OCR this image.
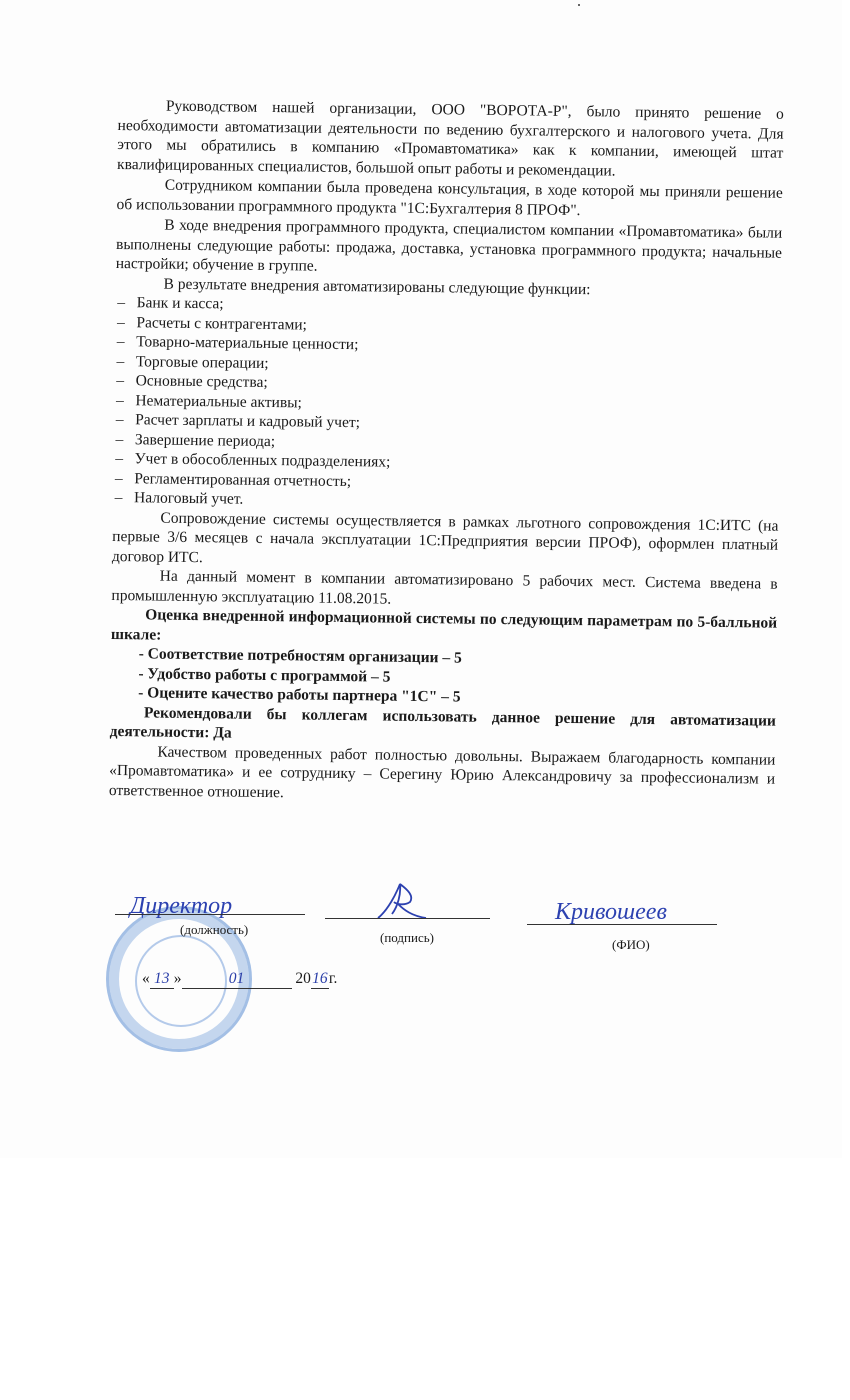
Руководством нашей организации, ООО "ВОРОТА-Р", было принято решение о необходимости автоматизации деятельности по ведению бухгалтерского и налогового учета. Для этого мы обратились в компанию «Промавтоматика» как к компании, имеющей штат квалифицированных специалистов, большой опыт работы и рекомендации.

Сотрудником компании была проведена консультация, в ходе которой мы приняли решение об использовании программного продукта "1С:Бухгалтерия 8 ПРОФ".

В ходе внедрения программного продукта, специалистом компании «Промавтоматика» были выполнены следующие работы: продажа, доставка, установка программного продукта; начальные настройки; обучение в группе.

В результате внедрения автоматизированы следующие функции:

–   Банк и касса;
–   Расчеты с контрагентами;
–   Товарно-материальные ценности;
–   Торговые операции;
–   Основные средства;
–   Нематериальные активы;
–   Расчет зарплаты и кадровый учет;
–   Завершение периода;
–   Учет в обособленных подразделениях;
–   Регламентированная отчетность;
–   Налоговый учет.

Сопровождение системы осуществляется в рамках льготного сопровождения 1С:ИТС (на первые 3/6 месяцев с начала эксплуатации 1С:Предприятия версии ПРОФ), оформлен платный договор ИТС.

На данный момент в компании автоматизировано 5 рабочих мест. Система введена в промышленную эксплуатацию 11.08.2015.

Оценка внедренной информационной системы по следующим параметрам по 5-балльной шкале:

- Соответствие потребностям организации – 5

- Удобство работы с программой – 5

- Оцените качество работы партнера "1С" – 5

Рекомендовали бы коллегам использовать данное решение для автоматизации деятельности: Да

Качеством проведенных работ полностью довольны. Выражаем благодарность компании «Промавтоматика» и ее сотруднику – Серегину Юрию Александровичу за профессионализм и ответственное отношение.

Директор
(должность)
(подпись)
Кривошеев
(ФИО)
« 13 »	01	2016г.
